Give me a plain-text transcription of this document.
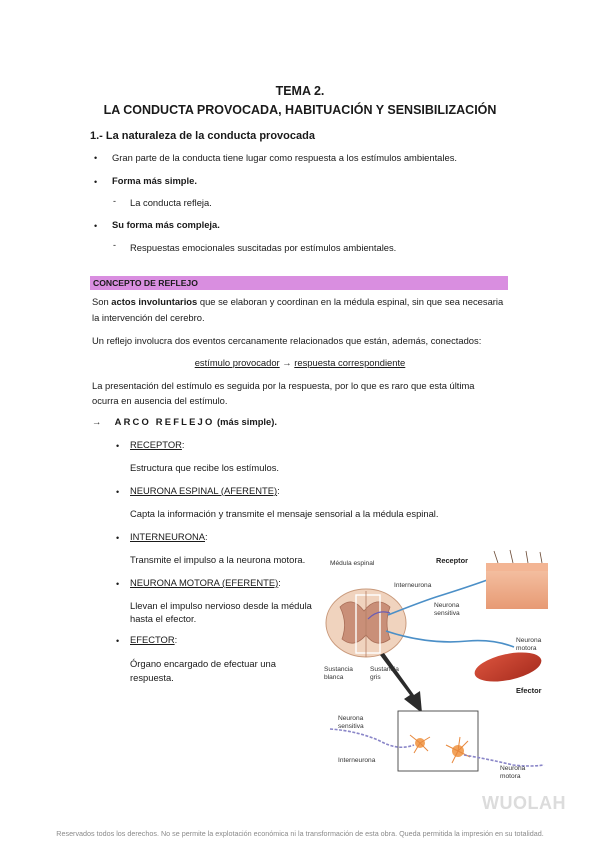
TEMA 2.
LA CONDUCTA PROVOCADA, HABITUACIÓN Y SENSIBILIZACIÓN
1.- La naturaleza de la conducta provocada
• Gran parte de la conducta tiene lugar como respuesta a los estímulos ambientales.
• Forma más simple.
- La conducta refleja.
• Su forma más compleja.
- Respuestas emocionales suscitadas por estímulos ambientales.
CONCEPTO DE REFLEJO
Son actos involuntarios que se elaboran y coordinan en la médula espinal, sin que sea necesaria
la intervención del cerebro.
Un reflejo involucra dos eventos cercanamente relacionados que están, además, conectados:
estímulo provocador → respuesta correspondiente
La presentación del estímulo es seguida por la respuesta, por lo que es raro que esta última
ocurra en ausencia del estímulo.
→ ARCO REFLEJO (más simple).
• RECEPTOR:
Estructura que recibe los estímulos.
• NEURONA ESPINAL (AFERENTE):
Capta la información y transmite el mensaje sensorial a la médula espinal.
• INTERNEURONA:
Transmite el impulso a la neurona motora.
• NEURONA MOTORA (EFERENTE):
Llevan el impulso nervioso desde la médula
hasta el efector.
• EFECTOR:
Órgano encargado de efectuar una
respuesta.
Médula espinal
Interneurona
Receptor
Neurona
sensitiva
Neurona
motora
Sustancia
blanca
Sustancia
gris
Efector
Neurona
sensitiva
Interneurona
Neurona
motora
WUOLAH
Reservados todos los derechos. No se permite la explotación económica ni la transformación de esta obra. Queda permitida la impresión en su totalidad.
